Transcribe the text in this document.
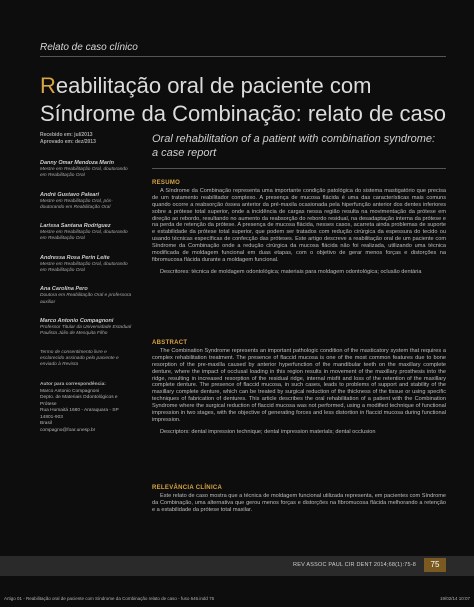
Relato de caso clínico
Reabilitação oral de paciente com
Síndrome da Combinação: relato de caso
Recebido em: jul/2013
Aprovado em: dez/2013
Danny Omar Mendoza Marin
Mestre em Reabilitação Oral, doutorando em Reabilitação Oral
André Gustavo Paleari
Mestre em Reabilitação Oral, pós-doutorando em Reabilitação Oral
Larissa Santana Rodriguez
Mestre em Reabilitação Oral, doutorando em Reabilitação Oral
Andressa Rosa Perin Leite
Mestre em Reabilitação Oral, doutorando em Reabilitação Oral
Ana Carolina Pero
Doutora em Reabilitação Oral e professora auxiliar
Marco Antonio Compagnoni
Professor Titular da Universidade Estadual Paulista Júlio de Mesquita Filho
Termo de consentimento livre e esclarecido assinado pelo paciente e enviado à Revista
Autor para correspondência:
Marco Antonio Compagnoni
Depto. de Materiais Odontológicos e Prótese
Rua Humaitá 1680 - Araraquara - SP
14801-903
Brasil
compagno@foar.unesp.br
Oral rehabilitation of a patient with combination syndrome: a case report
RESUMO
A Síndrome da Combinação representa uma importante condição patológica do sistema mastigatório que precisa de um tratamento reabilitador complexo. A presença de mucosa flácida é uma das características mais comuns quando ocorre a reabsorção óssea anterior da pré-maxila ocasionada pela hiperfunção anterior dos dentes inferiores sobre a prótese total superior, onde a incidência de cargas nessa região resulta na movimentação da prótese em direção ao rebordo, resultando no aumento da reabsorção do rebordo residual, na desadaptação interna da prótese e na perda de retenção da prótese. A presença de mucosa flácida, nesses casos, acarreta ainda problemas de suporte e estabilidade da prótese total superior, que podem ser tratados com redução cirúrgica da espessura do tecido ou usando técnicas específicas de confecção das próteses. Este artigo descreve a reabilitação oral de um paciente com Síndrome da Combinação onde a redução cirúrgica da mucosa flácida não foi realizada, utilizando uma técnica modificada de moldagem funcional em duas etapas, com o objetivo de gerar menos forças e distorções na fibromucosa flácida durante a moldagem funcional.
Descritores: técnica de moldagem odontológica; materiais para moldagem odontológica; oclusão dentária
ABSTRACT
The Combination Syndrome represents an important pathologic condition of the masticatory system that requires a complex rehabilitation treatment. The presence of flaccid mucosa is one of the most common features due to bone resorption of the pre-maxilla caused by anterior hyperfunction of the mandibular teeth on the maxillary complete denture, where the impact of occlusal loading in this region results in movement of the maxillary prosthesis into the ridge, resulting in increased resorption of the residual ridge, internal misfit and loss of the retention of the maxillary complete denture. The presence of flaccid mucosa, in such cases, leads to problems of support and stability of the maxillary complete denture, which can be treated by surgical reduction of the thickness of the tissue or using specific techniques of fabrication of dentures. This article describes the oral rehabilitation of a patient with the Combination Syndrome where the surgical reduction of flaccid mucosa was not performed, using a modified technique of functional impression in two stages, with the objective of generating forces and less distortion in flaccid mucosa during functional impression.
Descriptors: dental impression technique; dental impression materials; dental occlusion
RELEVÂNCIA CLÍNICA
Este relato de caso mostra que a técnica de moldagem funcional utilizada representa, em pacientes com Síndrome da Combinação, uma alternativa que gerou menos forças e distorções na fibromucosa flácida melhorando a retenção e a estabilidade da prótese total maxilar.
REV ASSOC PAUL CIR DENT 2014;68(1):75-8	75
Artigo 01 - Reabilitação oral de paciente com Síndrome da Combinação relato de caso - fuso 646.indd 75	19/02/14 10:07
